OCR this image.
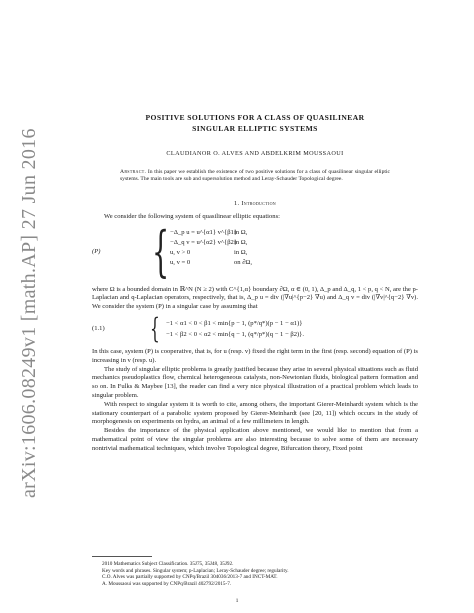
arXiv:1606.08249v1 [math.AP] 27 Jun 2016
POSITIVE SOLUTIONS FOR A CLASS OF QUASILINEAR
SINGULAR ELLIPTIC SYSTEMS
CLAUDIANOR O. ALVES AND ABDELKRIM MOUSSAOUI
Abstract. In this paper we establish the existence of two positive solutions for a class of quasilinear singular elliptic systems. The main tools are sub and supersolution method and Leray-Schauder Topological degree.
1. Introduction

We consider the following system of quasilinear elliptic equations:

(P) { −Δ_p u = u^{α1} v^{β1}in Ω,
−Δ_q v = u^{α2} v^{β2}in Ω,
u, v > 0	in Ω,
u, v = 0	on ∂Ω,

where Ω is a bounded domain in ℝ^N (N ≥ 2) with C^{1,α} boundary ∂Ω, α ∈ (0, 1), Δ_p and Δ_q, 1 < p, q < N, are the p-Laplacian and q-Laplacian operators, respectively, that is, Δ_p u = div (|∇u|^{p−2} ∇u) and Δ_q v = div (|∇v|^{q−2} ∇v). We consider the system (P) in a singular case by assuming that

(1.1) { −1 < α1 < 0 < β1 < min{p − 1, (p*/q*)(p − 1 − α1)}
−1 < β2 < 0 < α2 < min{q − 1, (q*/p*)(q − 1 − β2)}.

In this case, system (P) is cooperative, that is, for u (resp. v) fixed the right term in the first (resp. second) equation of (P) is increasing in v (resp. u).

The study of singular elliptic problems is greatly justified because they arise in several physical situations such as fluid mechanics pseudoplastics flow, chemical heterogeneous catalysts, non-Newtonian fluids, biological pattern formation and so on. In Fulks & Maybee [13], the reader can find a very nice physical illustration of a practical problem which leads to singular problem.

With respect to singular system it is worth to cite, among others, the important Gierer-Meinhardt system which is the stationary counterpart of a parabolic system proposed by Gierer-Meinhardt (see [20, 11]) which occurs in the study of morphogenesis on experiments on hydra, an animal of a few millimeters in length.

Besides the importance of the physical application above mentioned, we would like to mention that from a mathematical point of view the singular problems are also interesting because to solve some of them are necessary nontrivial mathematical techniques, which involve Topological degree, Bifurcation theory, Fixed point

2010 Mathematics Subject Classification. 35J75, 35J48, 35J92.

Key words and phrases. Singular system; p-Laplacian; Leray-Schauder degree; regularity.

C.O. Alves was partially supported by CNPq/Brazil 304036/2013-7 and INCT-MAT.

A. Moussaoui was supported by CNPq/Brazil 402792/2015-7.

1
